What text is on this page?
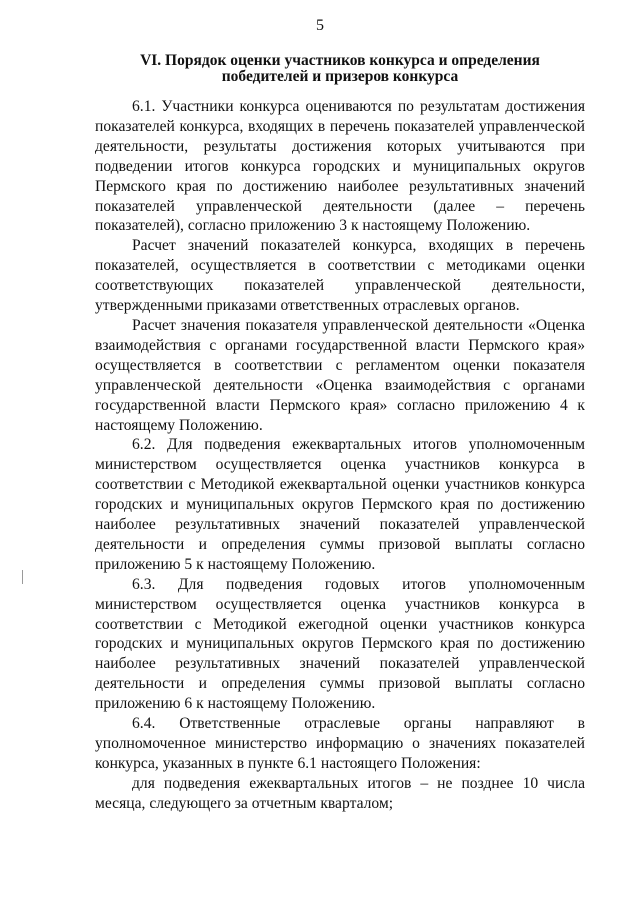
5
VI. Порядок оценки участников конкурса и определения
победителей и призеров конкурса

6.1. Участники конкурса оцениваются по результатам достижения показателей конкурса, входящих в перечень показателей управленческой деятельности, результаты достижения которых учитываются при подведении итогов конкурса городских и муниципальных округов Пермского края по достижению наиболее результативных значений показателей управленческой деятельности (далее – перечень показателей), согласно приложению 3 к настоящему Положению.

Расчет значений показателей конкурса, входящих в перечень показателей, осуществляется в соответствии с методиками оценки соответствующих показателей управленческой деятельности, утвержденными приказами ответственных отраслевых органов.

Расчет значения показателя управленческой деятельности «Оценка взаимодействия с органами государственной власти Пермского края» осуществляется в соответствии с регламентом оценки показателя управленческой деятельности «Оценка взаимодействия с органами государственной власти Пермского края» согласно приложению 4 к настоящему Положению.

6.2. Для подведения ежеквартальных итогов уполномоченным министерством осуществляется оценка участников конкурса в соответствии с Методикой ежеквартальной оценки участников конкурса городских и муниципальных округов Пермского края по достижению наиболее результативных значений показателей управленческой деятельности и определения суммы призовой выплаты согласно приложению 5 к настоящему Положению.

6.3. Для подведения годовых итогов уполномоченным министерством осуществляется оценка участников конкурса в соответствии с Методикой ежегодной оценки участников конкурса городских и муниципальных округов Пермского края по достижению наиболее результативных значений показателей управленческой деятельности и определения суммы призовой выплаты согласно приложению 6 к настоящему Положению.

6.4. Ответственные отраслевые органы направляют в уполномоченное министерство информацию о значениях показателей конкурса, указанных в пункте 6.1 настоящего Положения:

для подведения ежеквартальных итогов – не позднее 10 числа месяца, следующего за отчетным кварталом;
